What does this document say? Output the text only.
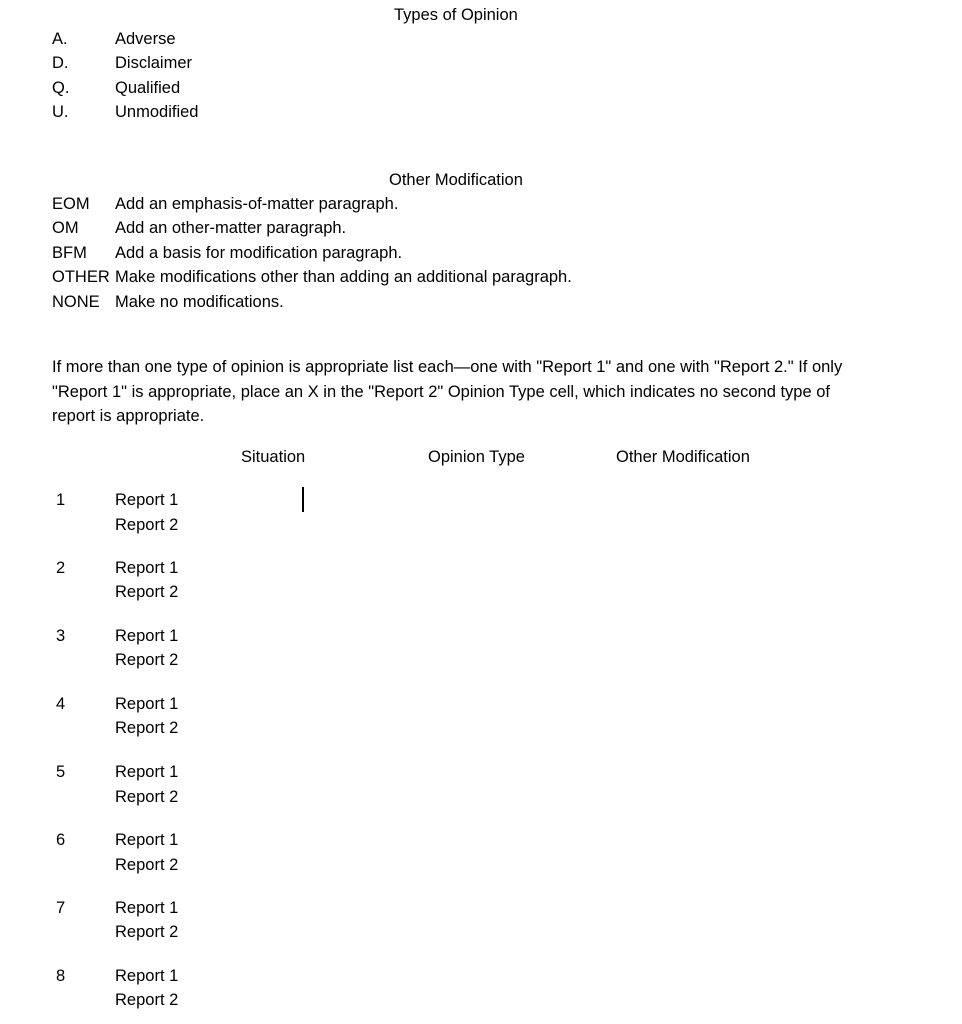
Types of Opinion
A.	Adverse
D.	Disclaimer
Q.	Qualified
U.	Unmodified
Other Modification
EOM Add an emphasis-of-matter paragraph.
OM Add an other-matter paragraph.
BFM Add a basis for modification paragraph.
OTHER Make modifications other than adding an additional paragraph.
NONE Make no modifications.
If more than one type of opinion is appropriate list each—one with "Report 1" and one with "Report 2." If only "Report 1" is appropriate, place an X in the "Report 2" Opinion Type cell, which indicates no second type of report is appropriate.
Situation	Opinion Type	Other Modification
1	Report 1
Report 2
2	Report 1
Report 2
3	Report 1
Report 2
4	Report 1
Report 2
5	Report 1
Report 2
6	Report 1
Report 2
7	Report 1
Report 2
8	Report 1
Report 2
